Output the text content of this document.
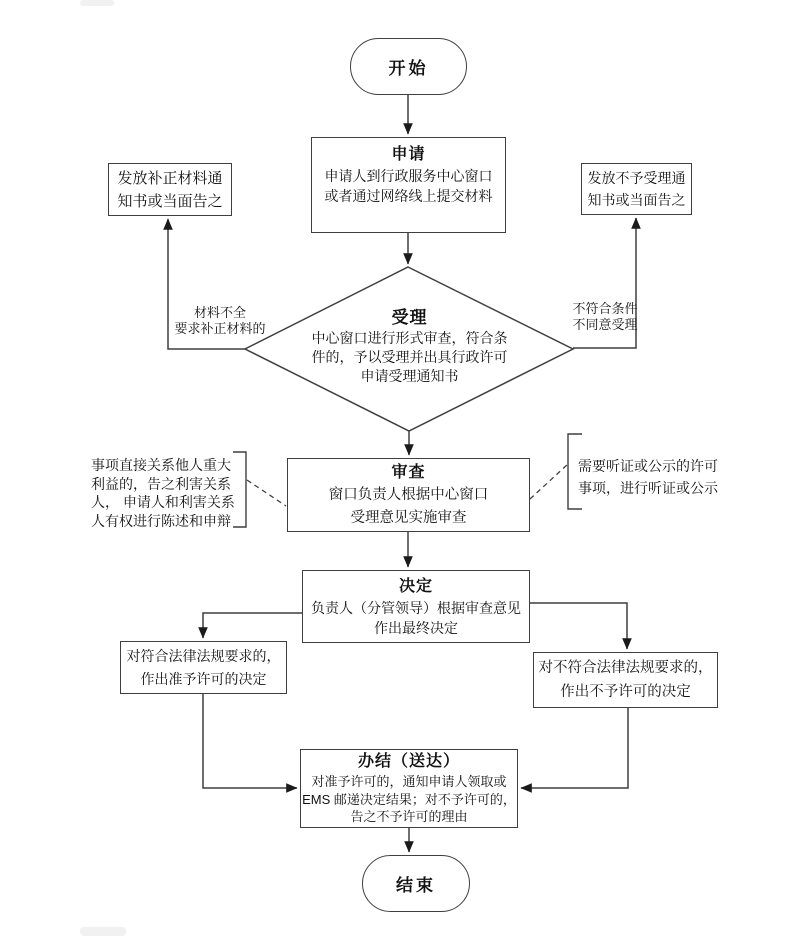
开始
申请
申请人到行政服务中心窗口
或者通过网络线上提交材料
发放补正材料通
知书或当面告之
发放不予受理通
知书或当面告之
受理
中心窗口进行形式审查，符合条
件的，予以受理并出具行政许可
申请受理通知书
材料不全
要求补正材料的
不符合条件
不同意受理
审查
窗口负责人根据中心窗口
受理意见实施审查
事项直接关系他人重大
利益的，告之利害关系
人， 申请人和利害关系
人有权进行陈述和申辩
需要听证或公示的许可
事项，进行听证或公示
决定
负责人（分管领导）根据审查意见
作出最终决定
对符合法律法规要求的，
作出准予许可的决定
对不符合法律法规要求的，
作出不予许可的决定
办结（送达）
对准予许可的，通知申请人领取或
EMS 邮递决定结果；对不予许可的，
告之不予许可的理由
结束
